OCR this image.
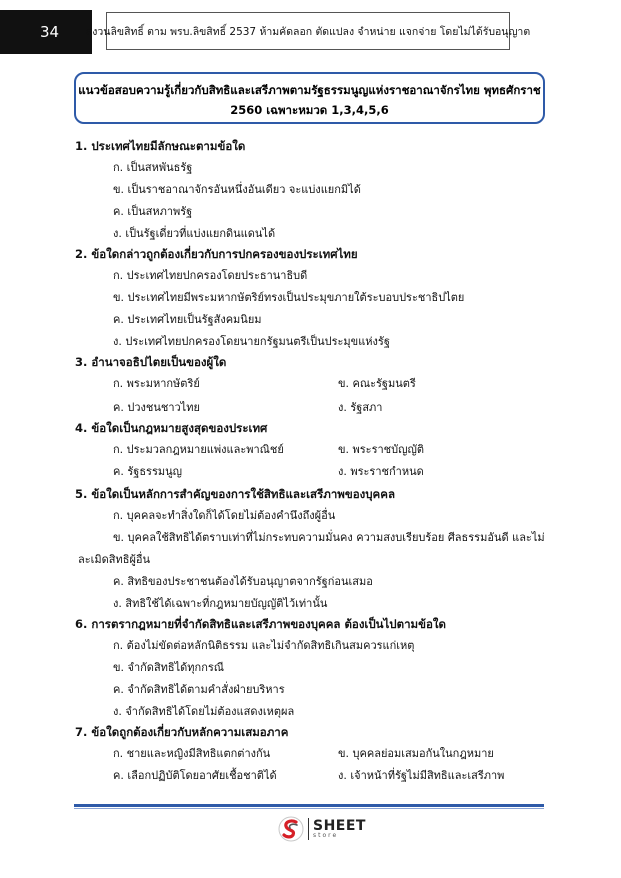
34	สงวนลิขสิทธิ์ ตาม พรบ.ลิขสิทธิ์ 2537 ห้ามคัดลอก ตัดแปลง จำหน่าย แจกจ่าย โดยไม่ได้รับอนุญาต
แนวข้อสอบความรู้เกี่ยวกับสิทธิและเสรีภาพตามรัฐธรรมนูญแห่งราชอาณาจักรไทย พุทธศักราช
2560 เฉพาะหมวด 1,3,4,5,6
1. ประเทศไทยมีลักษณะตามข้อใด
ก. เป็นสหพันธรัฐ
ข. เป็นราชอาณาจักรอันหนึ่งอันเดียว จะแบ่งแยกมิได้
ค. เป็นสหภาพรัฐ
ง. เป็นรัฐเดี่ยวที่แบ่งแยกดินแดนได้
2. ข้อใดกล่าวถูกต้องเกี่ยวกับการปกครองของประเทศไทย
ก. ประเทศไทยปกครองโดยประธานาธิบดี
ข. ประเทศไทยมีพระมหากษัตริย์ทรงเป็นประมุขภายใต้ระบอบประชาธิปไตย
ค. ประเทศไทยเป็นรัฐสังคมนิยม
ง. ประเทศไทยปกครองโดยนายกรัฐมนตรีเป็นประมุขแห่งรัฐ
3. อำนาจอธิปไตยเป็นของผู้ใด
ก. พระมหากษัตริย์	ข. คณะรัฐมนตรี
ค. ปวงชนชาวไทย	ง. รัฐสภา
4. ข้อใดเป็นกฎหมายสูงสุดของประเทศ
ก. ประมวลกฎหมายแพ่งและพาณิชย์	ข. พระราชบัญญัติ
ค. รัฐธรรมนูญ	ง. พระราชกำหนด
5. ข้อใดเป็นหลักการสำคัญของการใช้สิทธิและเสรีภาพของบุคคล
ก. บุคคลจะทำสิ่งใดก็ได้โดยไม่ต้องคำนึงถึงผู้อื่น
ข. บุคคลใช้สิทธิได้ตราบเท่าที่ไม่กระทบความมั่นคง ความสงบเรียบร้อย ศีลธรรมอันดี และไม่
ละเมิดสิทธิผู้อื่น
ค. สิทธิของประชาชนต้องได้รับอนุญาตจากรัฐก่อนเสมอ
ง. สิทธิใช้ได้เฉพาะที่กฎหมายบัญญัติไว้เท่านั้น
6. การตรากฎหมายที่จำกัดสิทธิและเสรีภาพของบุคคล ต้องเป็นไปตามข้อใด
ก. ต้องไม่ขัดต่อหลักนิติธรรม และไม่จำกัดสิทธิเกินสมควรแก่เหตุ
ข. จำกัดสิทธิได้ทุกกรณี
ค. จำกัดสิทธิได้ตามคำสั่งฝ่ายบริหาร
ง. จำกัดสิทธิได้โดยไม่ต้องแสดงเหตุผล
7. ข้อใดถูกต้องเกี่ยวกับหลักความเสมอภาค
ก. ชายและหญิงมีสิทธิแตกต่างกัน	ข. บุคคลย่อมเสมอกันในกฎหมาย
ค. เลือกปฏิบัติโดยอาศัยเชื้อชาติได้	ง. เจ้าหน้าที่รัฐไม่มีสิทธิและเสรีภาพ
SHEET
store
